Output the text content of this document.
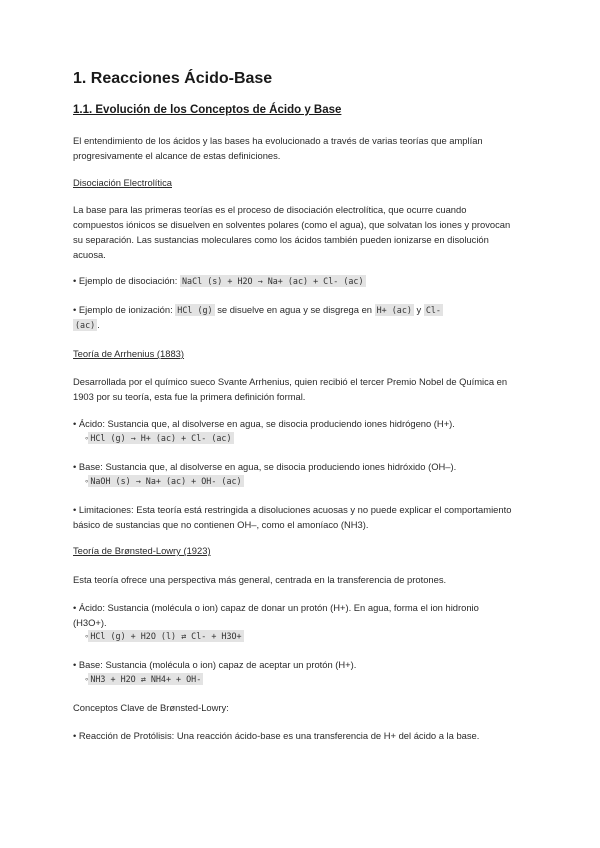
1. Reacciones Ácido-Base
1.1. Evolución de los Conceptos de Ácido y Base
El entendimiento de los ácidos y las bases ha evolucionado a través de varias teorías que amplían progresivamente el alcance de estas definiciones.
Disociación Electrolítica
La base para las primeras teorías es el proceso de disociación electrolítica, que ocurre cuando compuestos iónicos se disuelven en solventes polares (como el agua), que solvatan los iones y provocan su separación. Las sustancias moleculares como los ácidos también pueden ionizarse en disolución acuosa.
• Ejemplo de disociación: NaCl (s) + H2O → Na+ (ac) + Cl- (ac)
• Ejemplo de ionización: HCl (g) se disuelve en agua y se disgrega en H+ (ac) y Cl-
(ac) .
Teoría de Arrhenius (1883)
Desarrollada por el químico sueco Svante Arrhenius, quien recibió el tercer Premio Nobel de Química en 1903 por su teoría, esta fue la primera definición formal.
• Ácido: Sustancia que, al disolverse en agua, se disocia produciendo iones hidrógeno (H+).
◦ HCl (g) → H+ (ac) + Cl- (ac)
• Base: Sustancia que, al disolverse en agua, se disocia produciendo iones hidróxido (OH–).
◦ NaOH (s) → Na+ (ac) + OH- (ac)
• Limitaciones: Esta teoría está restringida a disoluciones acuosas y no puede explicar el comportamiento básico de sustancias que no contienen OH–, como el amoníaco (NH3).
Teoría de Brønsted-Lowry (1923)
Esta teoría ofrece una perspectiva más general, centrada en la transferencia de protones.
• Ácido: Sustancia (molécula o ion) capaz de donar un protón (H+). En agua, forma el ion hidronio (H3O+).
◦ HCl (g) + H2O (l) ⇄ Cl- + H3O+
• Base: Sustancia (molécula o ion) capaz de aceptar un protón (H+).
◦ NH3 + H2O ⇄ NH4+ + OH-
Conceptos Clave de Brønsted-Lowry:
• Reacción de Protólisis: Una reacción ácido-base es una transferencia de H+ del ácido a la base.
